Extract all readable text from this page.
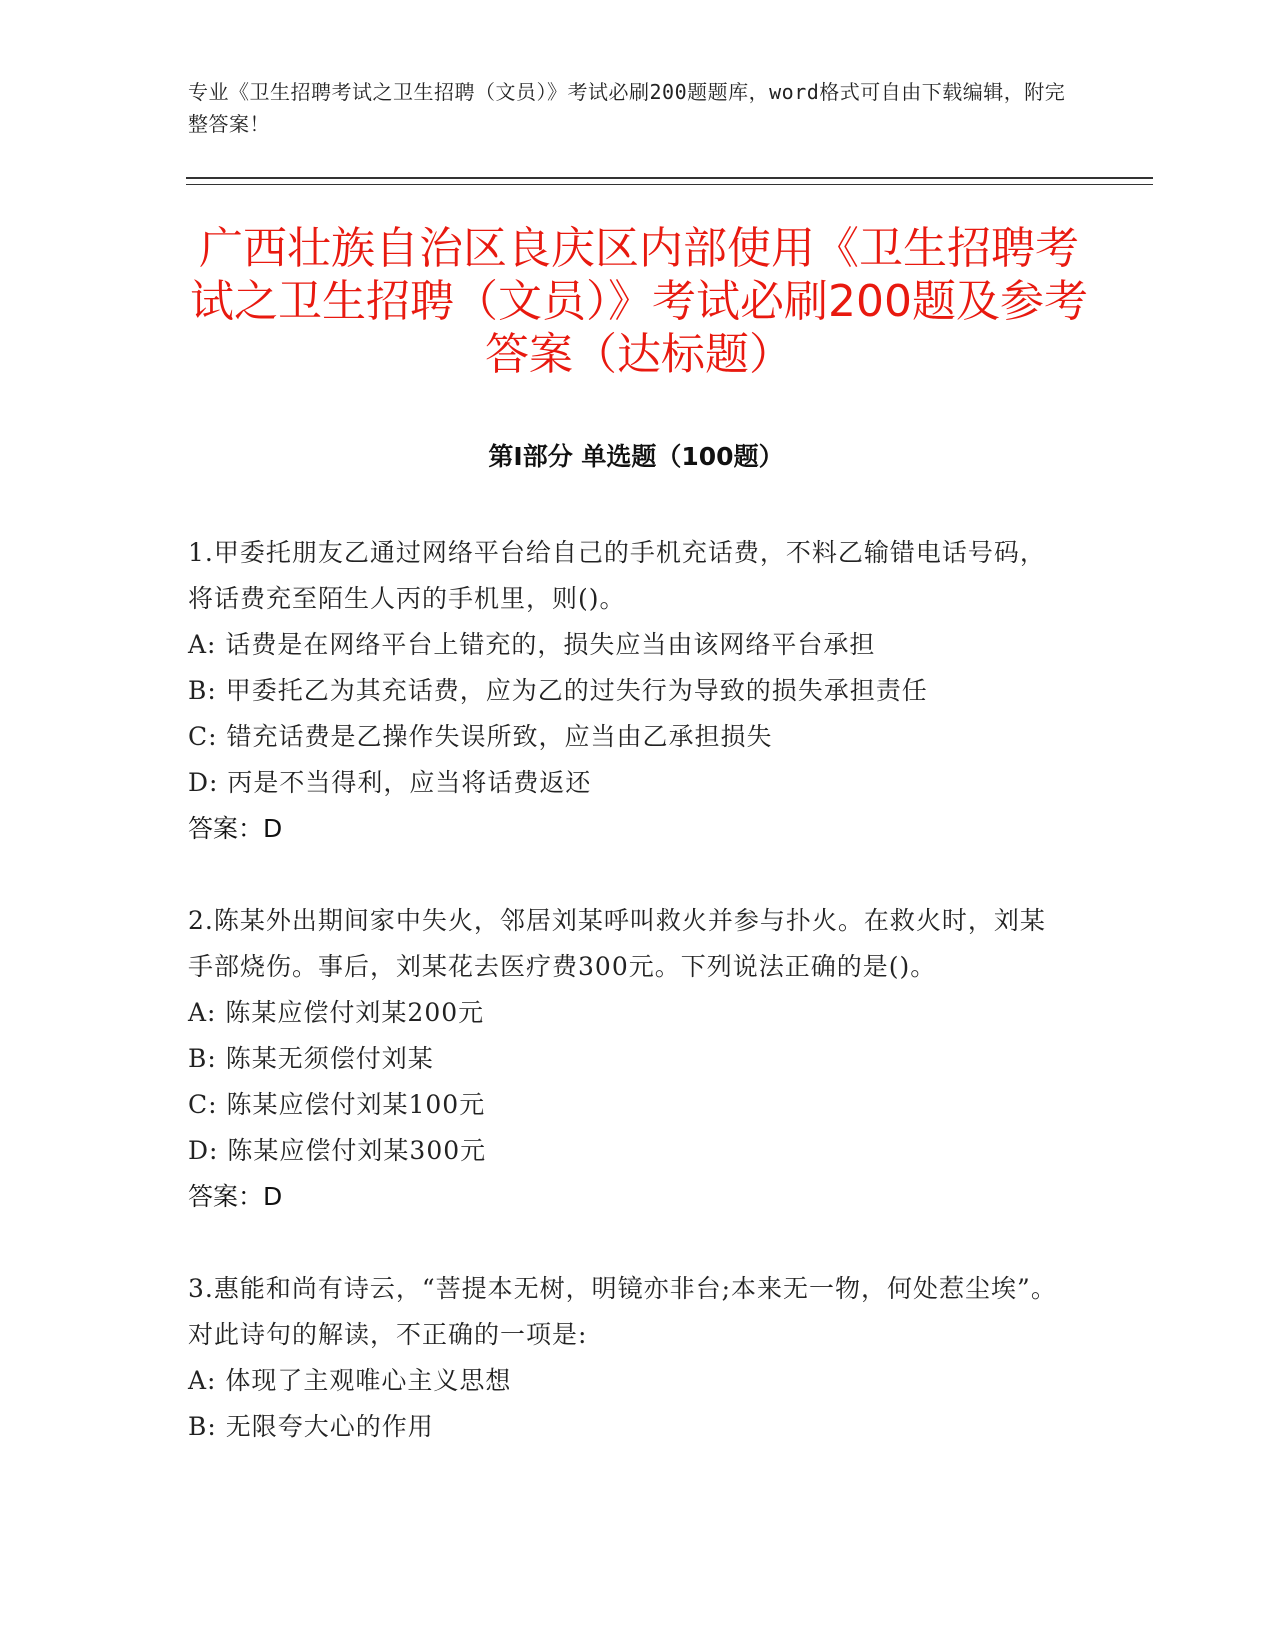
专业《卫生招聘考试之卫生招聘（文员）》考试必刷200题题库，word格式可自由下载编辑，附完整答案！
广西壮族自治区良庆区内部使用《卫生招聘考试之卫生招聘（文员）》考试必刷200题及参考答案（达标题）
第Ⅰ部分 单选题（100题）

1.甲委托朋友乙通过网络平台给自己的手机充话费，不料乙输错电话号码，将话费充至陌生人丙的手机里，则()。

A: 话费是在网络平台上错充的，损失应当由该网络平台承担

B: 甲委托乙为其充话费，应为乙的过失行为导致的损失承担责任

C: 错充话费是乙操作失误所致，应当由乙承担损失

D: 丙是不当得利，应当将话费返还

答案：D

2.陈某外出期间家中失火，邻居刘某呼叫救火并参与扑火。在救火时，刘某手部烧伤。事后，刘某花去医疗费300元。下列说法正确的是()。

A: 陈某应偿付刘某200元

B: 陈某无须偿付刘某

C: 陈某应偿付刘某100元

D: 陈某应偿付刘某300元

答案：D

3.惠能和尚有诗云，“菩提本无树，明镜亦非台;本来无一物，何处惹尘埃”。对此诗句的解读，不正确的一项是:

A: 体现了主观唯心主义思想

B: 无限夸大心的作用
